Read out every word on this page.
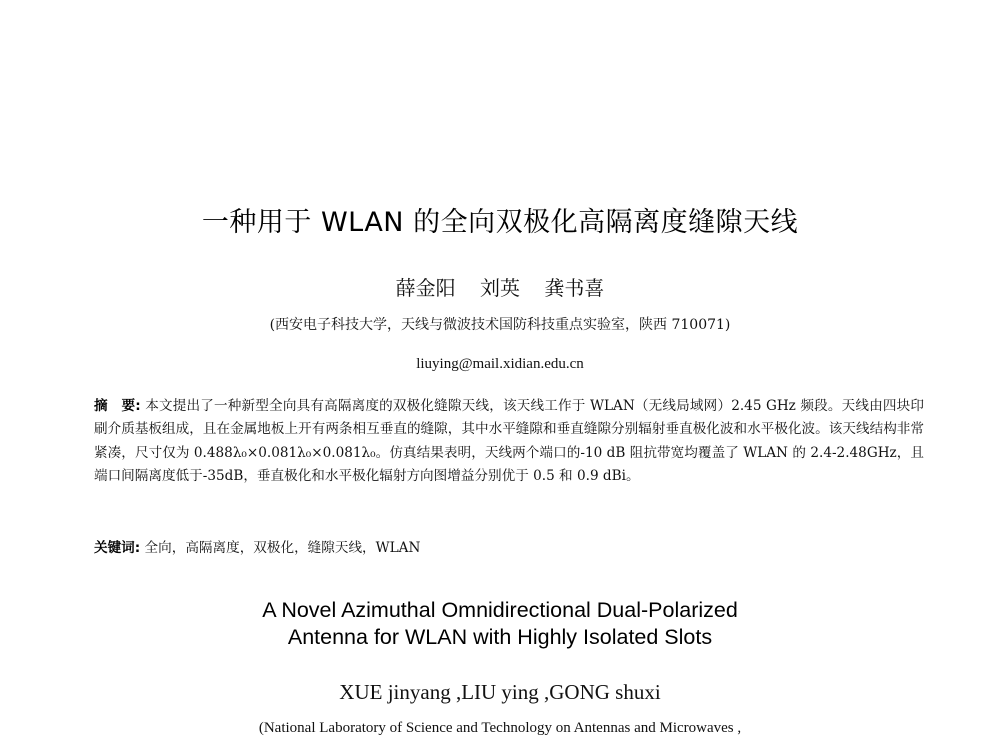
一种用于 WLAN 的全向双极化高隔离度缝隙天线
薛金阳 刘英 龚书喜
(西安电子科技大学，天线与微波技术国防科技重点实验室，陕西 710071)
liuying@mail.xidian.edu.cn
摘　要: 本文提出了一种新型全向具有高隔离度的双极化缝隙天线，该天线工作于 WLAN（无线局域网）2.45 GHz 频段。天线由四块印刷介质基板组成，且在金属地板上开有两条相互垂直的缝隙，其中水平缝隙和垂直缝隙分别辐射垂直极化波和水平极化波。该天线结构非常紧凑，尺寸仅为 0.488λ₀×0.081λ₀×0.081λ₀。仿真结果表明，天线两个端口的-10 dB 阻抗带宽均覆盖了 WLAN 的 2.4-2.48GHz，且端口间隔离度低于-35dB，垂直极化和水平极化辐射方向图增益分别优于 0.5 和 0.9 dBi。
关键词: 全向，高隔离度，双极化，缝隙天线，WLAN
A Novel Azimuthal Omnidirectional Dual-Polarized
Antenna for WLAN with Highly Isolated Slots
XUE jinyang ,LIU ying ,GONG shuxi
(National Laboratory of Science and Technology on Antennas and Microwaves ,
